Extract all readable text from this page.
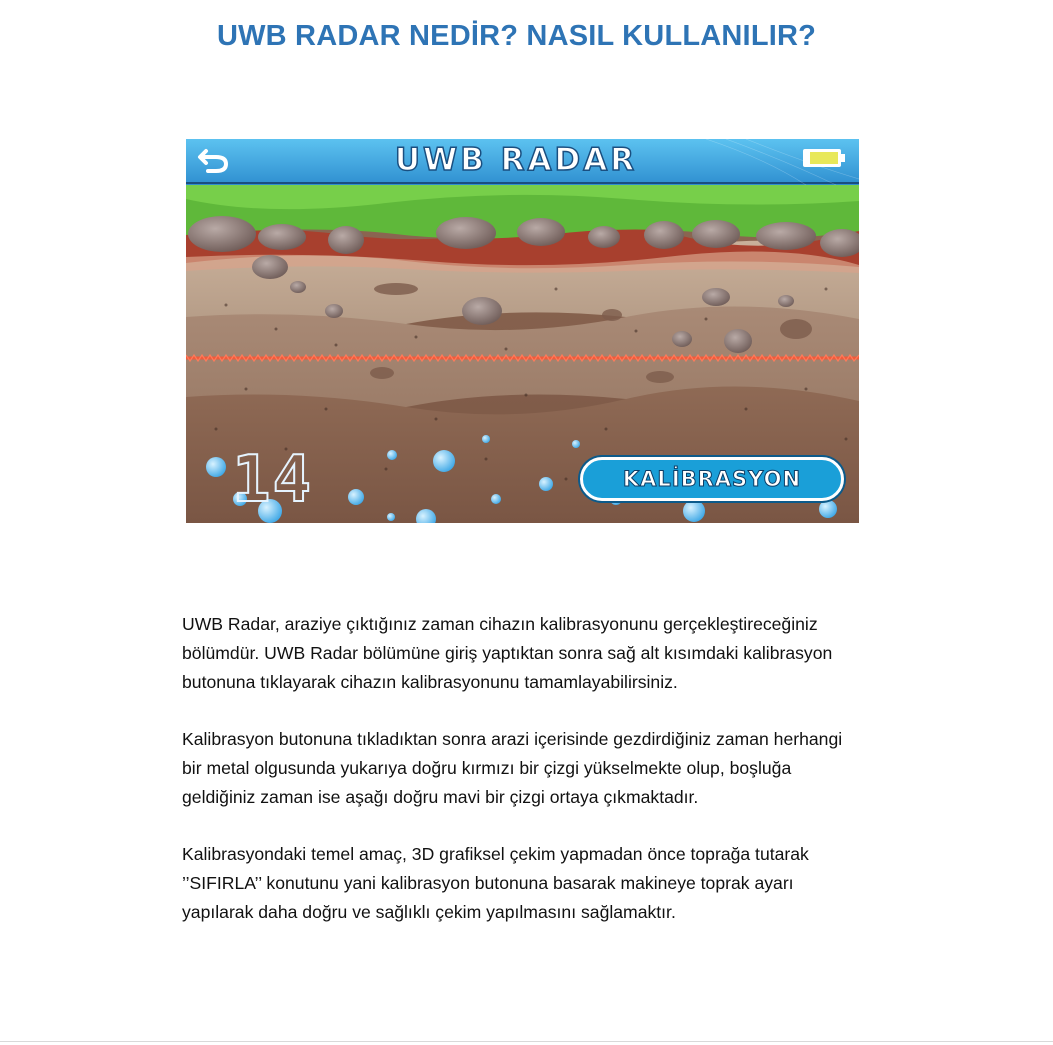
UWB RADAR NEDİR? NASIL KULLANILIR?
UWB RADAR
14	KALİBRASYON

UWB Radar, araziye çıktığınız zaman cihazın kalibrasyonunu gerçekleştireceğiniz
bölümdür. UWB Radar bölümüne giriş yaptıktan sonra sağ alt kısımdaki kalibrasyon
butonuna tıklayarak cihazın kalibrasyonunu tamamlayabilirsiniz.

Kalibrasyon butonuna tıkladıktan sonra arazi içerisinde gezdirdiğiniz zaman herhangi
bir metal olgusunda yukarıya doğru kırmızı bir çizgi yükselmekte olup, boşluğa
geldiğiniz zaman ise aşağı doğru mavi bir çizgi ortaya çıkmaktadır.

Kalibrasyondaki temel amaç, 3D grafiksel çekim yapmadan önce toprağa tutarak
’’SIFIRLA’’ konutunu yani kalibrasyon butonuna basarak makineye toprak ayarı
yapılarak daha doğru ve sağlıklı çekim yapılmasını sağlamaktır.
